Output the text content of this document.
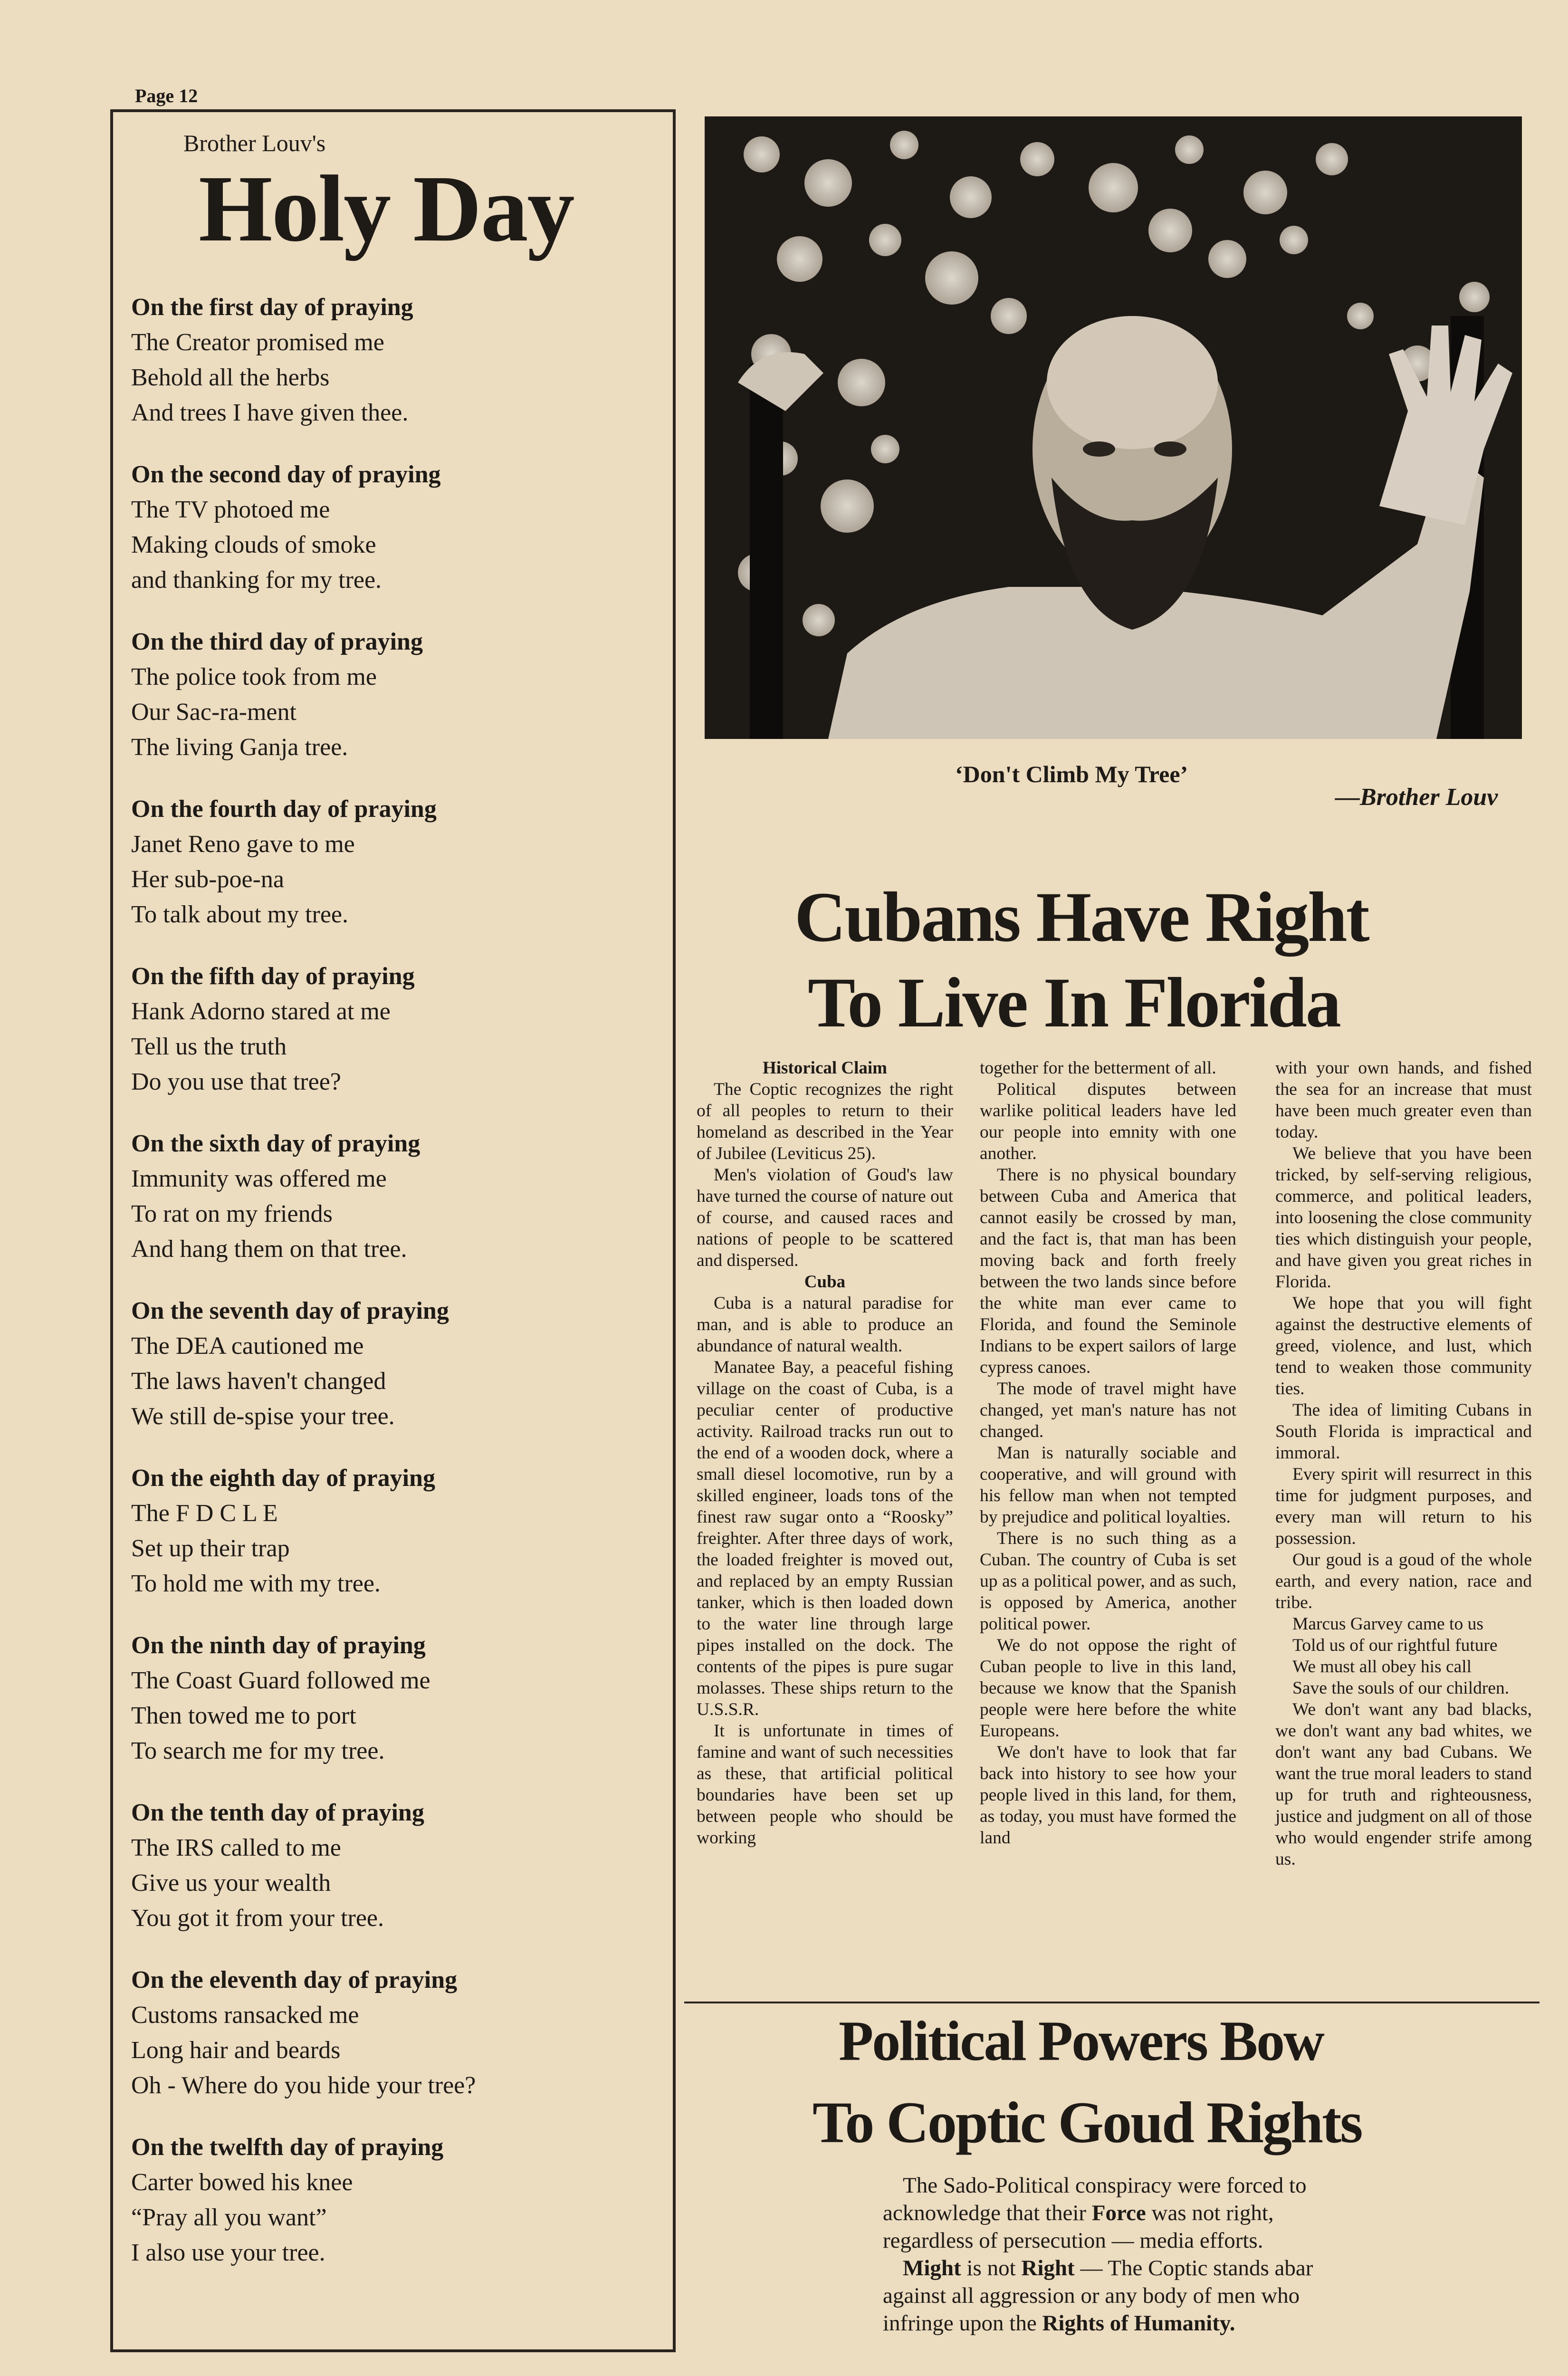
Page 12
Brother Louv's
Holy Day
On the first day of praying
The Creator promised me
Behold all the herbs
And trees I have given thee.
On the second day of praying
The TV photoed me
Making clouds of smoke
and thanking for my tree.
On the third day of praying
The police took from me
Our Sac-ra-ment
The living Ganja tree.
On the fourth day of praying
Janet Reno gave to me
Her sub-poe-na
To talk about my tree.
On the fifth day of praying
Hank Adorno stared at me
Tell us the truth
Do you use that tree?
On the sixth day of praying
Immunity was offered me
To rat on my friends
And hang them on that tree.
On the seventh day of praying
The DEA cautioned me
The laws haven't changed
We still de-spise your tree.
On the eighth day of praying
The F D C L E
Set up their trap
To hold me with my tree.
On the ninth day of praying
The Coast Guard followed me
Then towed me to port
To search me for my tree.
On the tenth day of praying
The IRS called to me
Give us your wealth
You got it from your tree.
On the eleventh day of praying
Customs ransacked me
Long hair and beards
Oh - Where do you hide your tree?
On the twelfth day of praying
Carter bowed his knee
“Pray all you want”
I also use your tree.
‘Don't Climb My Tree’
—Brother Louv
Cubans Have Right
To Live In Florida

Historical Claim

The Coptic recognizes the right of all peoples to return to their homeland as described in the Year of Jubilee (Leviticus 25).

Men's violation of Goud's law have turned the course of nature out of course, and caused races and nations of people to be scattered and dispersed.

Cuba

Cuba is a natural paradise for man, and is able to produce an abundance of natural wealth.

Manatee Bay, a peaceful fishing village on the coast of Cuba, is a peculiar center of productive activity. Railroad tracks run out to the end of a wooden dock, where a small diesel locomotive, run by a skilled engineer, loads tons of the finest raw sugar onto a “Roosky” freighter. After three days of work, the loaded freighter is moved out, and replaced by an empty Russian tanker, which is then loaded down to the water line through large pipes installed on the dock. The contents of the pipes is pure sugar molasses. These ships return to the U.S.S.R.

It is unfortunate in times of famine and want of such necessities as these, that artificial political boundaries have been set up between people who should be working

together for the betterment of all.

Political disputes between warlike political leaders have led our people into emnity with one another.

There is no physical boundary between Cuba and America that cannot easily be crossed by man, and the fact is, that man has been moving back and forth freely between the two lands since before the white man ever came to Florida, and found the Seminole Indians to be expert sailors of large cypress canoes.

The mode of travel might have changed, yet man's nature has not changed.

Man is naturally sociable and cooperative, and will ground with his fellow man when not tempted by prejudice and political loyalties.

There is no such thing as a Cuban. The country of Cuba is set up as a political power, and as such, is opposed by America, another political power.

We do not oppose the right of Cuban people to live in this land, because we know that the Spanish people were here before the white Europeans.

We don't have to look that far back into history to see how your people lived in this land, for them, as today, you must have formed the land

with your own hands, and fished the sea for an increase that must have been much greater even than today.

We believe that you have been tricked, by self-serving religious, commerce, and political leaders, into loosening the close community ties which distinguish your people, and have given you great riches in Florida.

We hope that you will fight against the destructive elements of greed, violence, and lust, which tend to weaken those community ties.

The idea of limiting Cubans in South Florida is impractical and immoral.

Every spirit will resurrect in this time for judgment purposes, and every man will return to his possession.

Our goud is a goud of the whole earth, and every nation, race and tribe.

Marcus Garvey came to us

Told us of our rightful future

We must all obey his call

Save the souls of our children.

We don't want any bad blacks, we don't want any bad whites, we don't want any bad Cubans. We want the true moral leaders to stand up for truth and righteousness, justice and judgment on all of those who would engender strife among us.

Political Powers Bow
To Coptic Goud Rights

The Sado-Political conspiracy were forced to acknowledge that their Force was not right, regardless of persecution — media efforts.

Might is not Right — The Coptic stands abar against all aggression or any body of men who infringe upon the Rights of Humanity.
